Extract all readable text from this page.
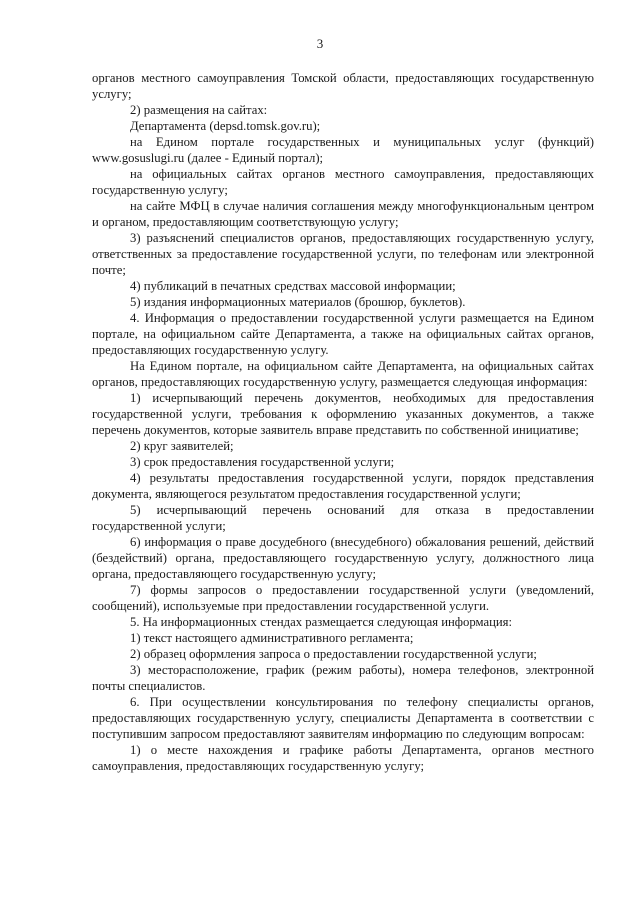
3

органов местного самоуправления Томской области, предоставляющих государственную услугу;

2) размещения на сайтах:

Департамента (depsd.tomsk.gov.ru);

на Едином портале государственных и муниципальных услуг (функций) www.gosuslugi.ru (далее - Единый портал);

на официальных сайтах органов местного самоуправления, предоставляющих государственную услугу;

на сайте МФЦ в случае наличия соглашения между многофункциональным центром и органом, предоставляющим соответствующую услугу;

3) разъяснений специалистов органов, предоставляющих государственную услугу, ответственных за предоставление государственной услуги, по телефонам или электронной почте;

4) публикаций в печатных средствах массовой информации;

5) издания информационных материалов (брошюр, буклетов).

4. Информация о предоставлении государственной услуги размещается на Едином портале, на официальном сайте Департамента, а также на официальных сайтах органов, предоставляющих государственную услугу.

На Едином портале, на официальном сайте Департамента, на официальных сайтах органов, предоставляющих государственную услугу, размещается следующая информация:

1) исчерпывающий перечень документов, необходимых для предоставления государственной услуги, требования к оформлению указанных документов, а также перечень документов, которые заявитель вправе представить по собственной инициативе;

2) круг заявителей;

3) срок предоставления государственной услуги;

4) результаты предоставления государственной услуги, порядок представления документа, являющегося результатом предоставления государственной услуги;

5) исчерпывающий перечень оснований для отказа в предоставлении государственной услуги;

6) информация о праве досудебного (внесудебного) обжалования решений, действий (бездействий) органа, предоставляющего государственную услугу, должностного лица органа, предоставляющего государственную услугу;

7) формы запросов о предоставлении государственной услуги (уведомлений, сообщений), используемые при предоставлении государственной услуги.

5. На информационных стендах размещается следующая информация:

1) текст настоящего административного регламента;

2) образец оформления запроса о предоставлении государственной услуги;

3) месторасположение, график (режим работы), номера телефонов, электронной почты специалистов.

6. При осуществлении консультирования по телефону специалисты органов, предоставляющих государственную услугу, специалисты Департамента в соответствии с поступившим запросом предоставляют заявителям информацию по следующим вопросам:

1) о месте нахождения и графике работы Департамента, органов местного самоуправления, предоставляющих государственную услугу;
